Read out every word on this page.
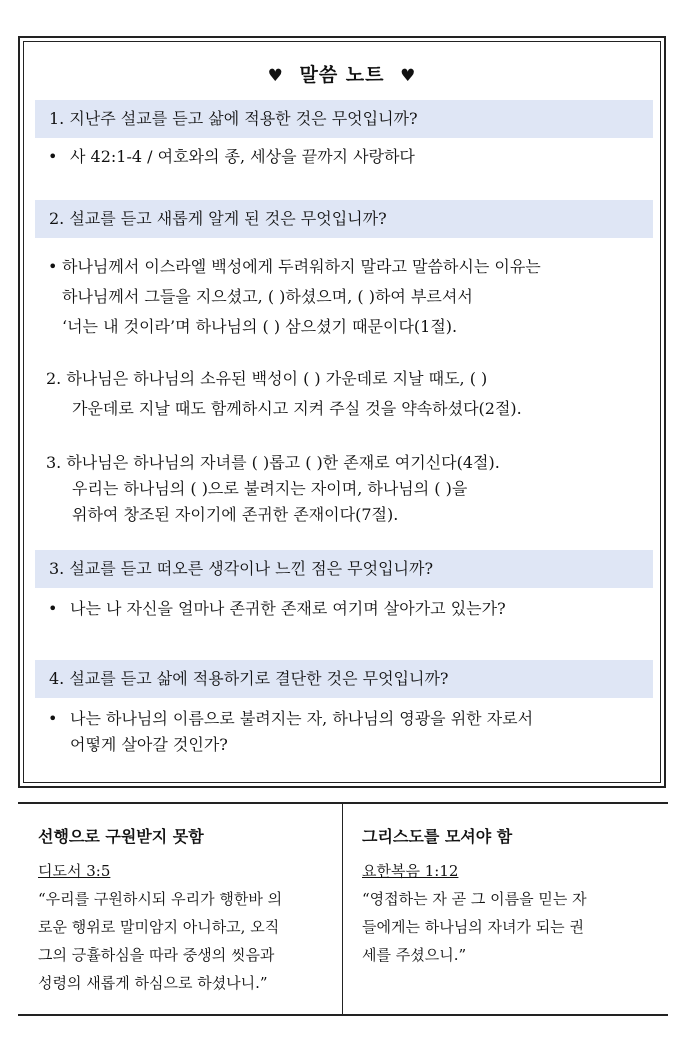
♥ 말씀 노트 ♥
1. 지난주 설교를 듣고 삶에 적용한 것은 무엇입니까?
• 사 42:1-4 / 여호와의 종, 세상을 끝까지 사랑하다
2. 설교를 듣고 새롭게 알게 된 것은 무엇입니까?
• 하나님께서 이스라엘 백성에게 두려워하지 말라고 말씀하시는 이유는
하나님께서 그들을 지으셨고, ( )하셨으며, ( )하여 부르셔서
‘너는 내 것이라’며 하나님의 ( ) 삼으셨기 때문이다(1절).
2. 하나님은 하나님의 소유된 백성이 ( ) 가운데로 지날 때도, ( )
가운데로 지날 때도 함께하시고 지켜 주실 것을 약속하셨다(2절).
3. 하나님은 하나님의 자녀를 ( )롭고 ( )한 존재로 여기신다(4절).
우리는 하나님의 ( )으로 불려지는 자이며, 하나님의 ( )을
위하여 창조된 자이기에 존귀한 존재이다(7절).
3. 설교를 듣고 떠오른 생각이나 느낀 점은 무엇입니까?
• 나는 나 자신을 얼마나 존귀한 존재로 여기며 살아가고 있는가?
4. 설교를 듣고 삶에 적용하기로 결단한 것은 무엇입니까?
• 나는 하나님의 이름으로 불려지는 자, 하나님의 영광을 위한 자로서
어떻게 살아갈 것인가?
선행으로 구원받지 못함
디도서 3:5
“우리를 구원하시되 우리가 행한바 의
로운 행위로 말미암지 아니하고, 오직
그의 긍휼하심을 따라 중생의 씻음과
성령의 새롭게 하심으로 하셨나니.”
그리스도를 모셔야 함
요한복음 1:12
“영접하는 자 곧 그 이름을 믿는 자
들에게는 하나님의 자녀가 되는 권
세를 주셨으니.”
